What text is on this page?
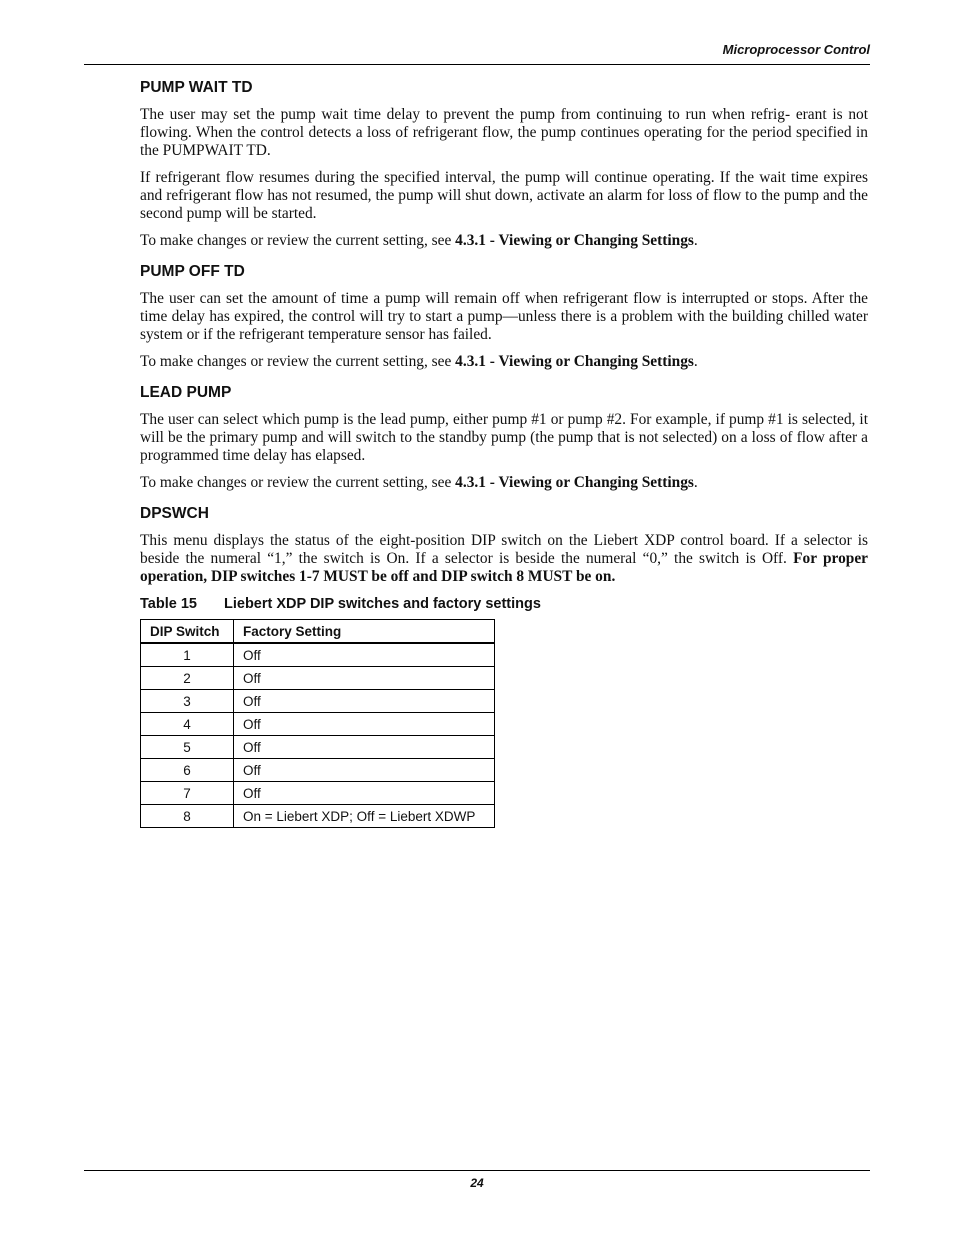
Microprocessor Control
PUMP WAIT TD

The user may set the pump wait time delay to prevent the pump from continuing to run when refrig- erant is not flowing. When the control detects a loss of refrigerant flow, the pump continues operating for the period specified in the PUMPWAIT TD.

If refrigerant flow resumes during the specified interval, the pump will continue operating. If the wait time expires and refrigerant flow has not resumed, the pump will shut down, activate an alarm for loss of flow to the pump and the second pump will be started.

To make changes or review the current setting, see 4.3.1 - Viewing or Changing Settings.

PUMP OFF TD

The user can set the amount of time a pump will remain off when refrigerant flow is interrupted or stops. After the time delay has expired, the control will try to start a pump—unless there is a problem with the building chilled water system or if the refrigerant temperature sensor has failed.

To make changes or review the current setting, see 4.3.1 - Viewing or Changing Settings.

LEAD PUMP

The user can select which pump is the lead pump, either pump #1 or pump #2. For example, if pump #1 is selected, it will be the primary pump and will switch to the standby pump (the pump that is not selected) on a loss of flow after a programmed time delay has elapsed.

To make changes or review the current setting, see 4.3.1 - Viewing or Changing Settings.

DPSWCH

This menu displays the status of the eight-position DIP switch on the Liebert XDP control board. If a selector is beside the numeral “1,” the switch is On. If a selector is beside the numeral “0,” the switch is Off. For proper operation, DIP switches 1-7 MUST be off and DIP switch 8 MUST be on.

Table 15 Liebert XDP DIP switches and factory settings
DIP Switch	Factory Setting
1	Off
2	Off
3	Off
4	Off
5	Off
6	Off
7	Off
8	On = Liebert XDP; Off = Liebert XDWP
24
